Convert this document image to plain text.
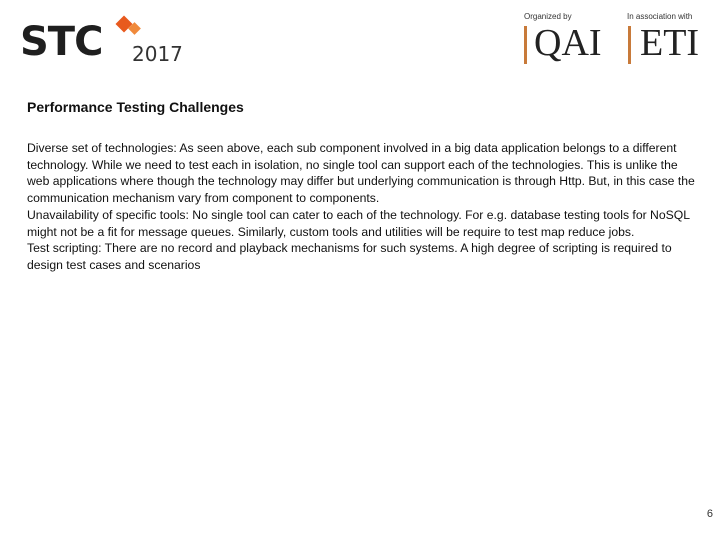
STC 2017
Organized by	In association with
QAI ETI
Performance Testing Challenges

Diverse set of technologies: As seen above, each sub component involved in a big data application belongs to a different technology. While we need to test each in isolation, no single tool can support each of the technologies. This is unlike the web applications where though the technology may differ but underlying communication is through Http. But, in this case the communication mechanism vary from component to components.

Unavailability of specific tools: No single tool can cater to each of the technology. For e.g. database testing tools for NoSQL might not be a fit for message queues. Similarly, custom tools and utilities will be require to test map reduce jobs.

Test scripting: There are no record and playback mechanisms for such systems. A high degree of scripting is required to design test cases and scenarios

6
